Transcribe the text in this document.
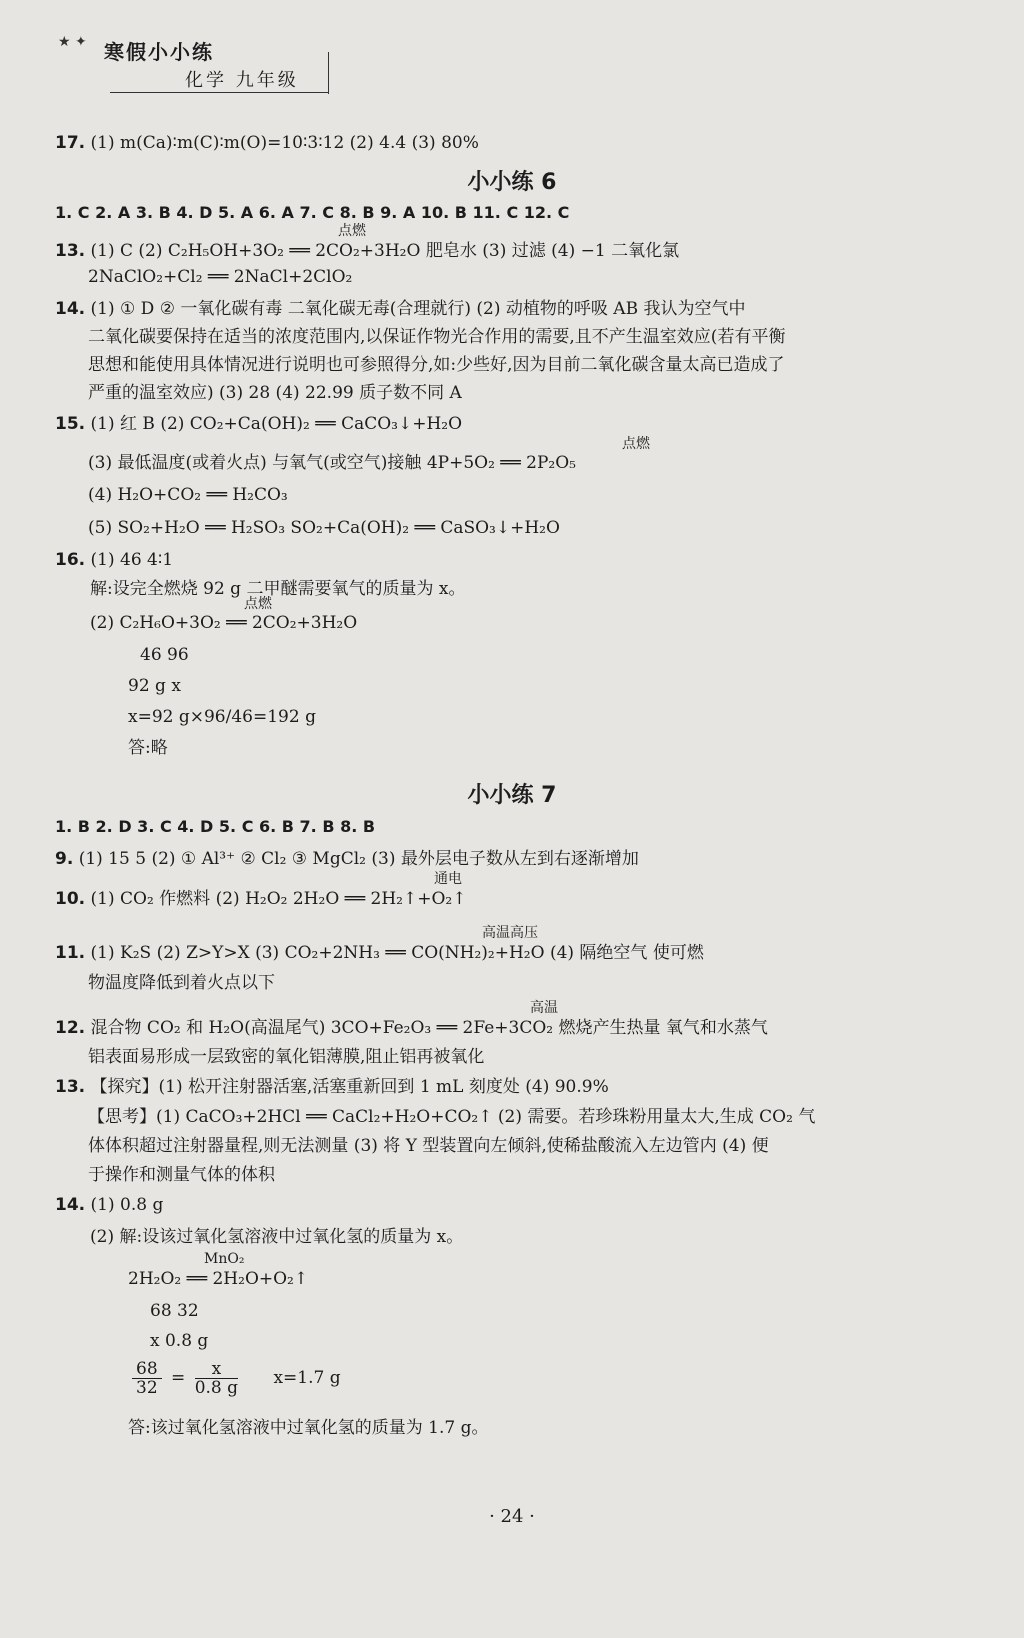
★ ✦ 寒假小小练
化学 九年级
17. (1) m(Ca)∶m(C)∶m(O)=10∶3∶12 (2) 4.4 (3) 80%
小小练 6
1. C 2. A 3. B 4. D 5. A 6. A 7. C 8. B 9. A 10. B 11. C 12. C
13. (1) C (2) C₂H₅OH+3O₂ ══ 2CO₂+3H₂O 肥皂水 (3) 过滤 (4) −1 二氧化氯
点燃
2NaClO₂+Cl₂ ══ 2NaCl+2ClO₂
14. (1) ① D ② 一氧化碳有毒 二氧化碳无毒(合理就行) (2) 动植物的呼吸 AB 我认为空气中
二氧化碳要保持在适当的浓度范围内,以保证作物光合作用的需要,且不产生温室效应(若有平衡
思想和能使用具体情况进行说明也可参照得分,如:少些好,因为目前二氧化碳含量太高已造成了
严重的温室效应) (3) 28 (4) 22.99 质子数不同 A
15. (1) 红 B (2) CO₂+Ca(OH)₂ ══ CaCO₃↓+H₂O
(3) 最低温度(或着火点) 与氧气(或空气)接触 4P+5O₂ ══ 2P₂O₅
点燃
(4) H₂O+CO₂ ══ H₂CO₃
(5) SO₂+H₂O ══ H₂SO₃ SO₂+Ca(OH)₂ ══ CaSO₃↓+H₂O
16. (1) 46 4∶1
解:设完全燃烧 92 g 二甲醚需要氧气的质量为 x。
(2) C₂H₆O+3O₂ ══ 2CO₂+3H₂O
点燃
46 96
92 g x
x=92 g×96/46=192 g
答:略
小小练 7
1. B 2. D 3. C 4. D 5. C 6. B 7. B 8. B
9. (1) 15 5 (2) ① Al³⁺ ② Cl₂ ③ MgCl₂ (3) 最外层电子数从左到右逐渐增加
10. (1) CO₂ 作燃料 (2) H₂O₂ 2H₂O ══ 2H₂↑+O₂↑
通电
11. (1) K₂S (2) Z>Y>X (3) CO₂+2NH₃ ══ CO(NH₂)₂+H₂O (4) 隔绝空气 使可燃
高温高压
物温度降低到着火点以下
12. 混合物 CO₂ 和 H₂O(高温尾气) 3CO+Fe₂O₃ ══ 2Fe+3CO₂ 燃烧产生热量 氧气和水蒸气
高温
铝表面易形成一层致密的氧化铝薄膜,阻止铝再被氧化
13. 【探究】(1) 松开注射器活塞,活塞重新回到 1 mL 刻度处 (4) 90.9%
【思考】(1) CaCO₃+2HCl ══ CaCl₂+H₂O+CO₂↑ (2) 需要。若珍珠粉用量太大,生成 CO₂ 气
体体积超过注射器量程,则无法测量 (3) 将 Y 型装置向左倾斜,使稀盐酸流入左边管内 (4) 便
于操作和测量气体的体积
14. (1) 0.8 g
(2) 解:设该过氧化氢溶液中过氧化氢的质量为 x。
2H₂O₂ ══ 2H₂O+O₂↑
MnO₂
68 32
x 0.8 g
$\frac{68}{32} = \frac{x}{0.8 g} x=1.7$ g
答:该过氧化氢溶液中过氧化氢的质量为 1.7 g。
· 24 ·
